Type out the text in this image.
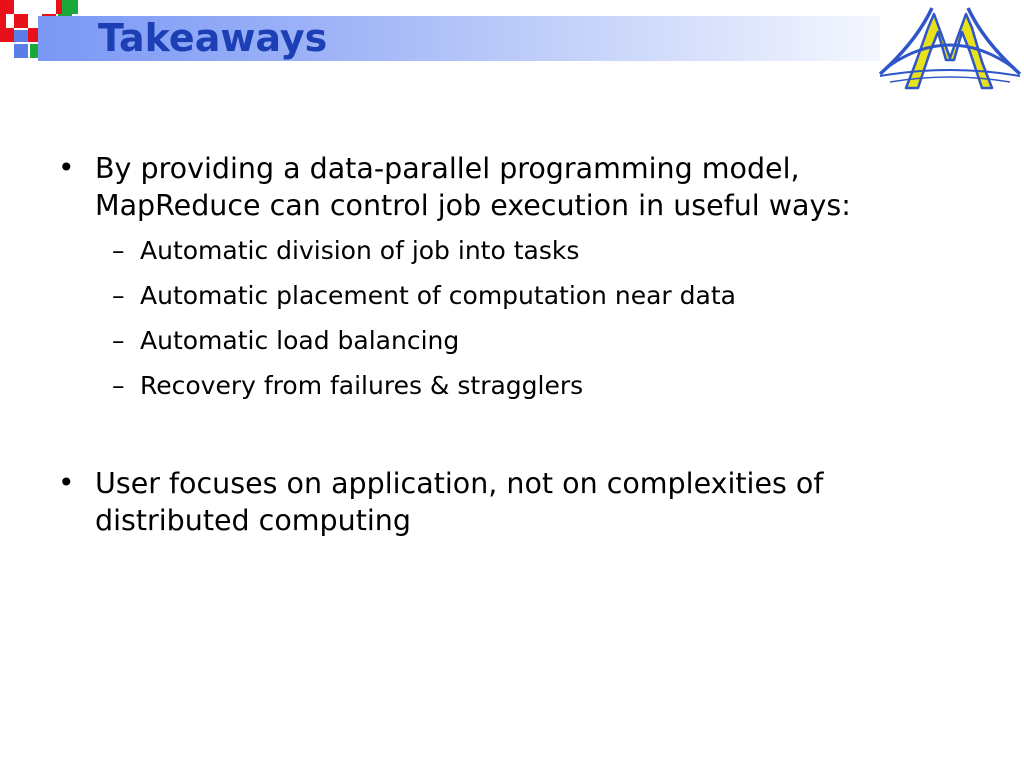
Takeaways
• By providing a data-parallel programming model, MapReduce can control job execution in useful ways:
– Automatic division of job into tasks
– Automatic placement of computation near data
– Automatic load balancing
– Recovery from failures & stragglers
• User focuses on application, not on complexities of distributed computing
